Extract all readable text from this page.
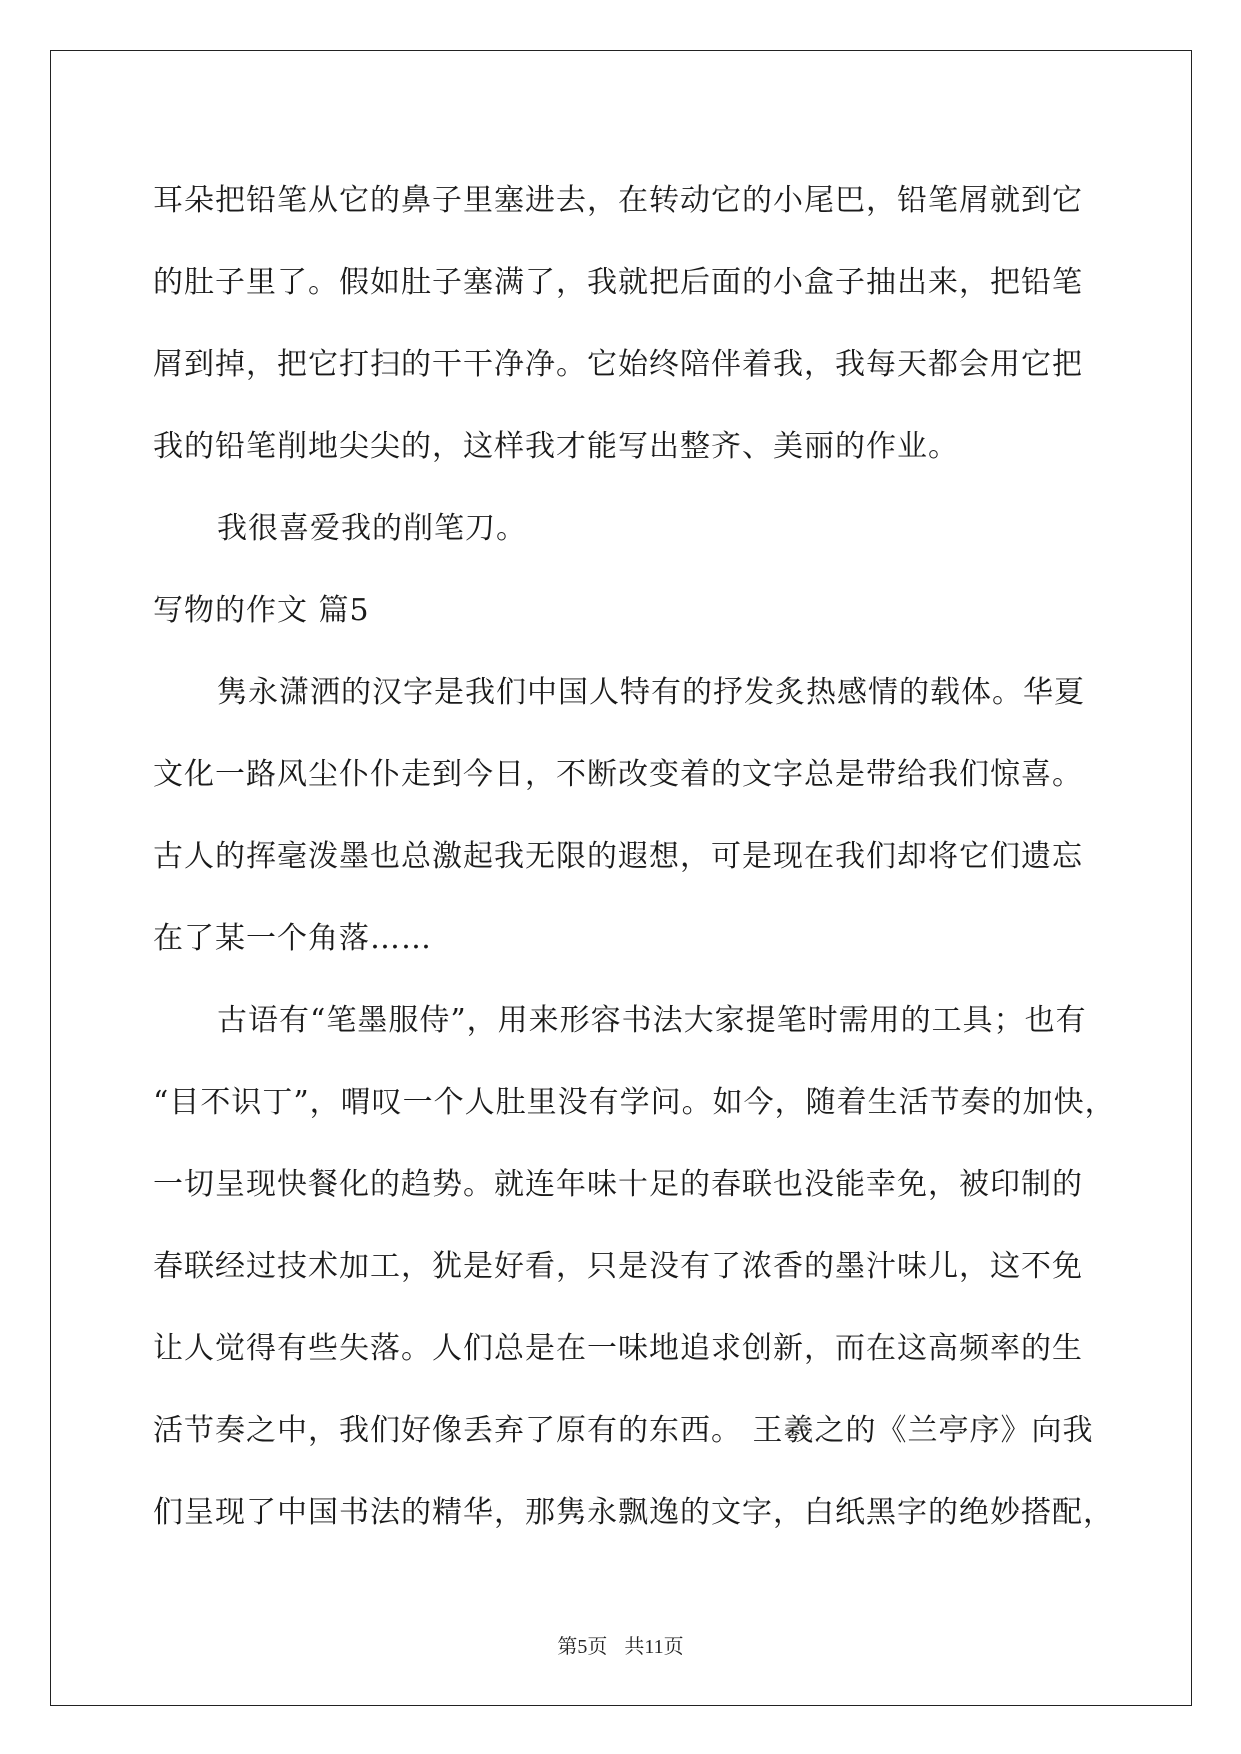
耳朵把铅笔从它的鼻子里塞进去，在转动它的小尾巴，铅笔屑就到它
的肚子里了。假如肚子塞满了，我就把后面的小盒子抽出来，把铅笔
屑到掉，把它打扫的干干净净。它始终陪伴着我，我每天都会用它把
我的铅笔削地尖尖的，这样我才能写出整齐、美丽的作业。
我很喜爱我的削笔刀。
写物的作文 篇5
隽永潇洒的汉字是我们中国人特有的抒发炙热感情的载体。华夏
文化一路风尘仆仆走到今日，不断改变着的文字总是带给我们惊喜。
古人的挥毫泼墨也总激起我无限的遐想，可是现在我们却将它们遗忘
在了某一个角落……
古语有“笔墨服侍”，用来形容书法大家提笔时需用的工具；也有
“目不识丁”，喟叹一个人肚里没有学问。如今，随着生活节奏的加快，
一切呈现快餐化的趋势。就连年味十足的春联也没能幸免，被印制的
春联经过技术加工，犹是好看，只是没有了浓香的墨汁味儿，这不免
让人觉得有些失落。人们总是在一味地追求创新，而在这高频率的生
活节奏之中，我们好像丢弃了原有的东西。 王羲之的《兰亭序》向我
们呈现了中国书法的精华，那隽永飘逸的文字，白纸黑字的绝妙搭配，
第5页 共11页
